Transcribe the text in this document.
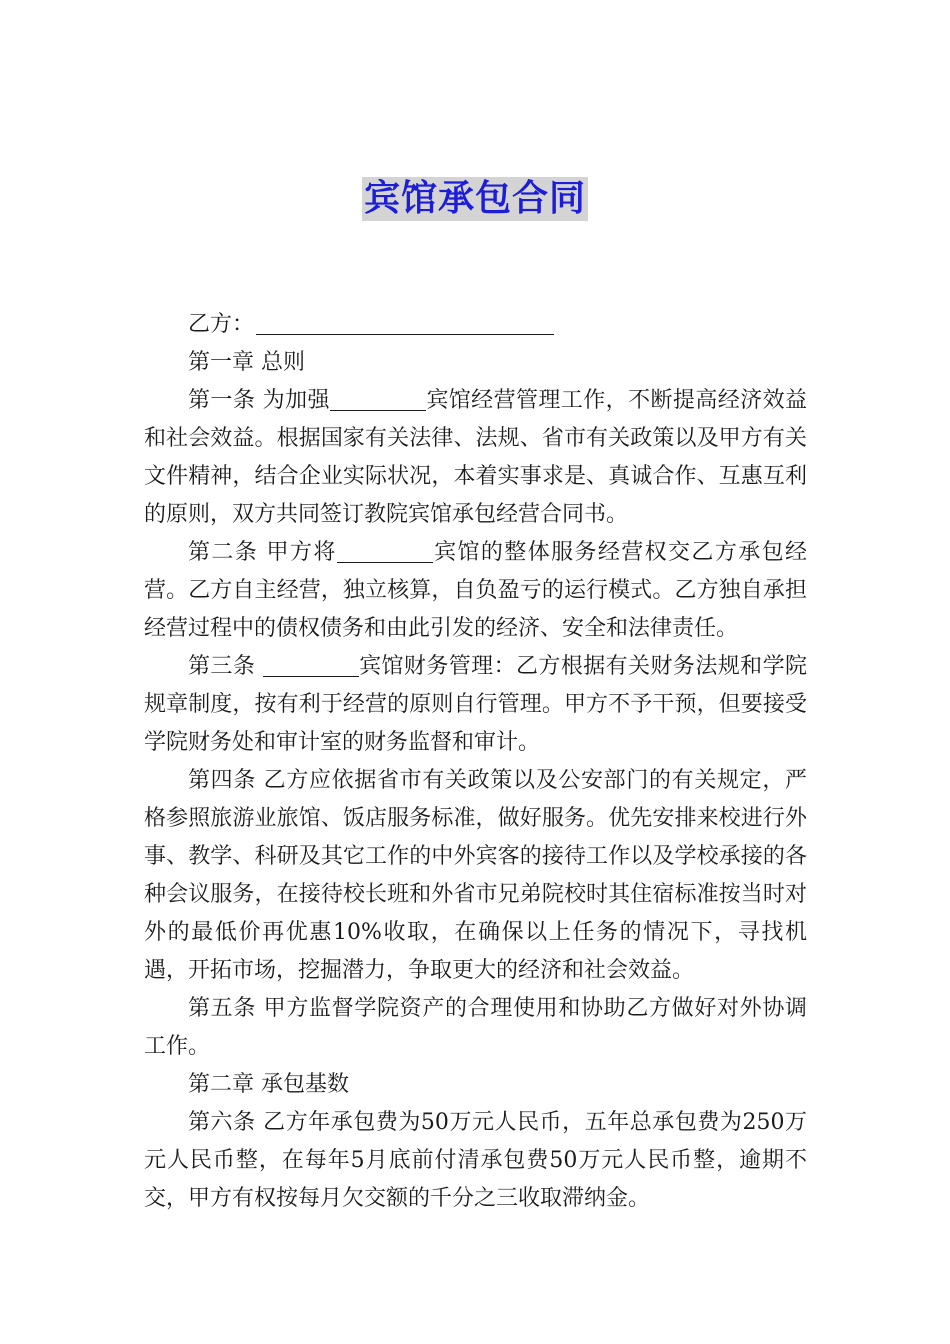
宾馆承包合同

乙方：

第一章 总则

第一条 为加强	宾馆经营管理工作，不断提高经济效益和社会效益。根据国家有关法律、法规、省市有关政策以及甲方有关文件精神，结合企业实际状况，本着实事求是、真诚合作、互惠互利的原则，双方共同签订教院宾馆承包经营合同书。

第二条 甲方将	宾馆的整体服务经营权交乙方承包经营。乙方自主经营，独立核算，自负盈亏的运行模式。乙方独自承担经营过程中的债权债务和由此引发的经济、安全和法律责任。

第三条	宾馆财务管理：乙方根据有关财务法规和学院规章制度，按有利于经营的原则自行管理。甲方不予干预，但要接受学院财务处和审计室的财务监督和审计。

第四条 乙方应依据省市有关政策以及公安部门的有关规定，严格参照旅游业旅馆、饭店服务标准，做好服务。优先安排来校进行外事、教学、科研及其它工作的中外宾客的接待工作以及学校承接的各种会议服务，在接待校长班和外省市兄弟院校时其住宿标准按当时对外的最低价再优惠10%收取，在确保以上任务的情况下，寻找机遇，开拓市场，挖掘潜力，争取更大的经济和社会效益。

第五条 甲方监督学院资产的合理使用和协助乙方做好对外协调工作。

第二章 承包基数

第六条 乙方年承包费为50万元人民币，五年总承包费为250万元人民币整，在每年5月底前付清承包费50万元人民币整，逾期不交，甲方有权按每月欠交额的千分之三收取滞纳金。
